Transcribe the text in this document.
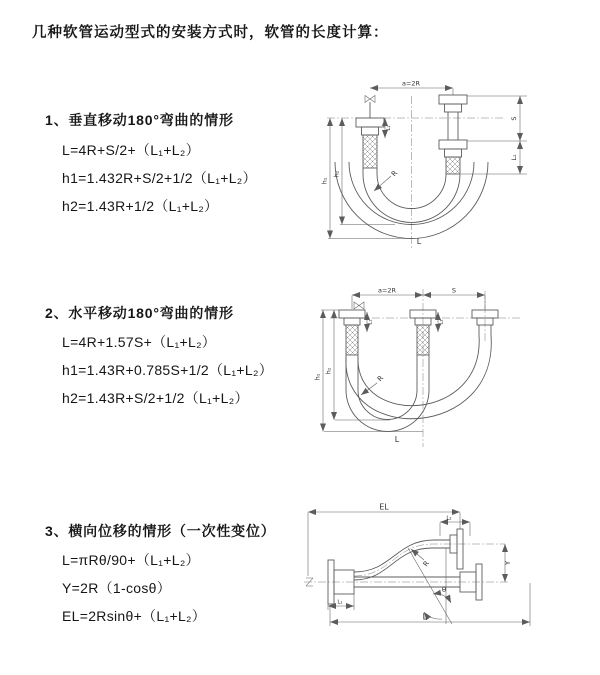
几种软管运动型式的安装方式时，软管的长度计算：
1、垂直移动180°弯曲的情形
L=4R+S/2+（L₁+L₂）
h1=1.432R+S/2+1/2（L₁+L₂）
h2=1.43R+1/2（L₁+L₂）
a=2R
S
L₂
h₁
h₂
L₁
R
L
2、水平移动180°弯曲的情形
L=4R+1.57S+（L₁+L₂）
h1=1.43R+0.785S+1/2（L₁+L₂）
h2=1.43R+S/2+1/2（L₁+L₂）
a=2R	S
h₁
h₂
L₁	L₂
R
L
3、横向位移的情形（一次性变位）
L=πRθ/90+（L₁+L₂）
Y=2R（1-cosθ）
EL=2Rsinθ+（L₁+L₂）
EL
L₂
Y
L
L₁
R
θ
